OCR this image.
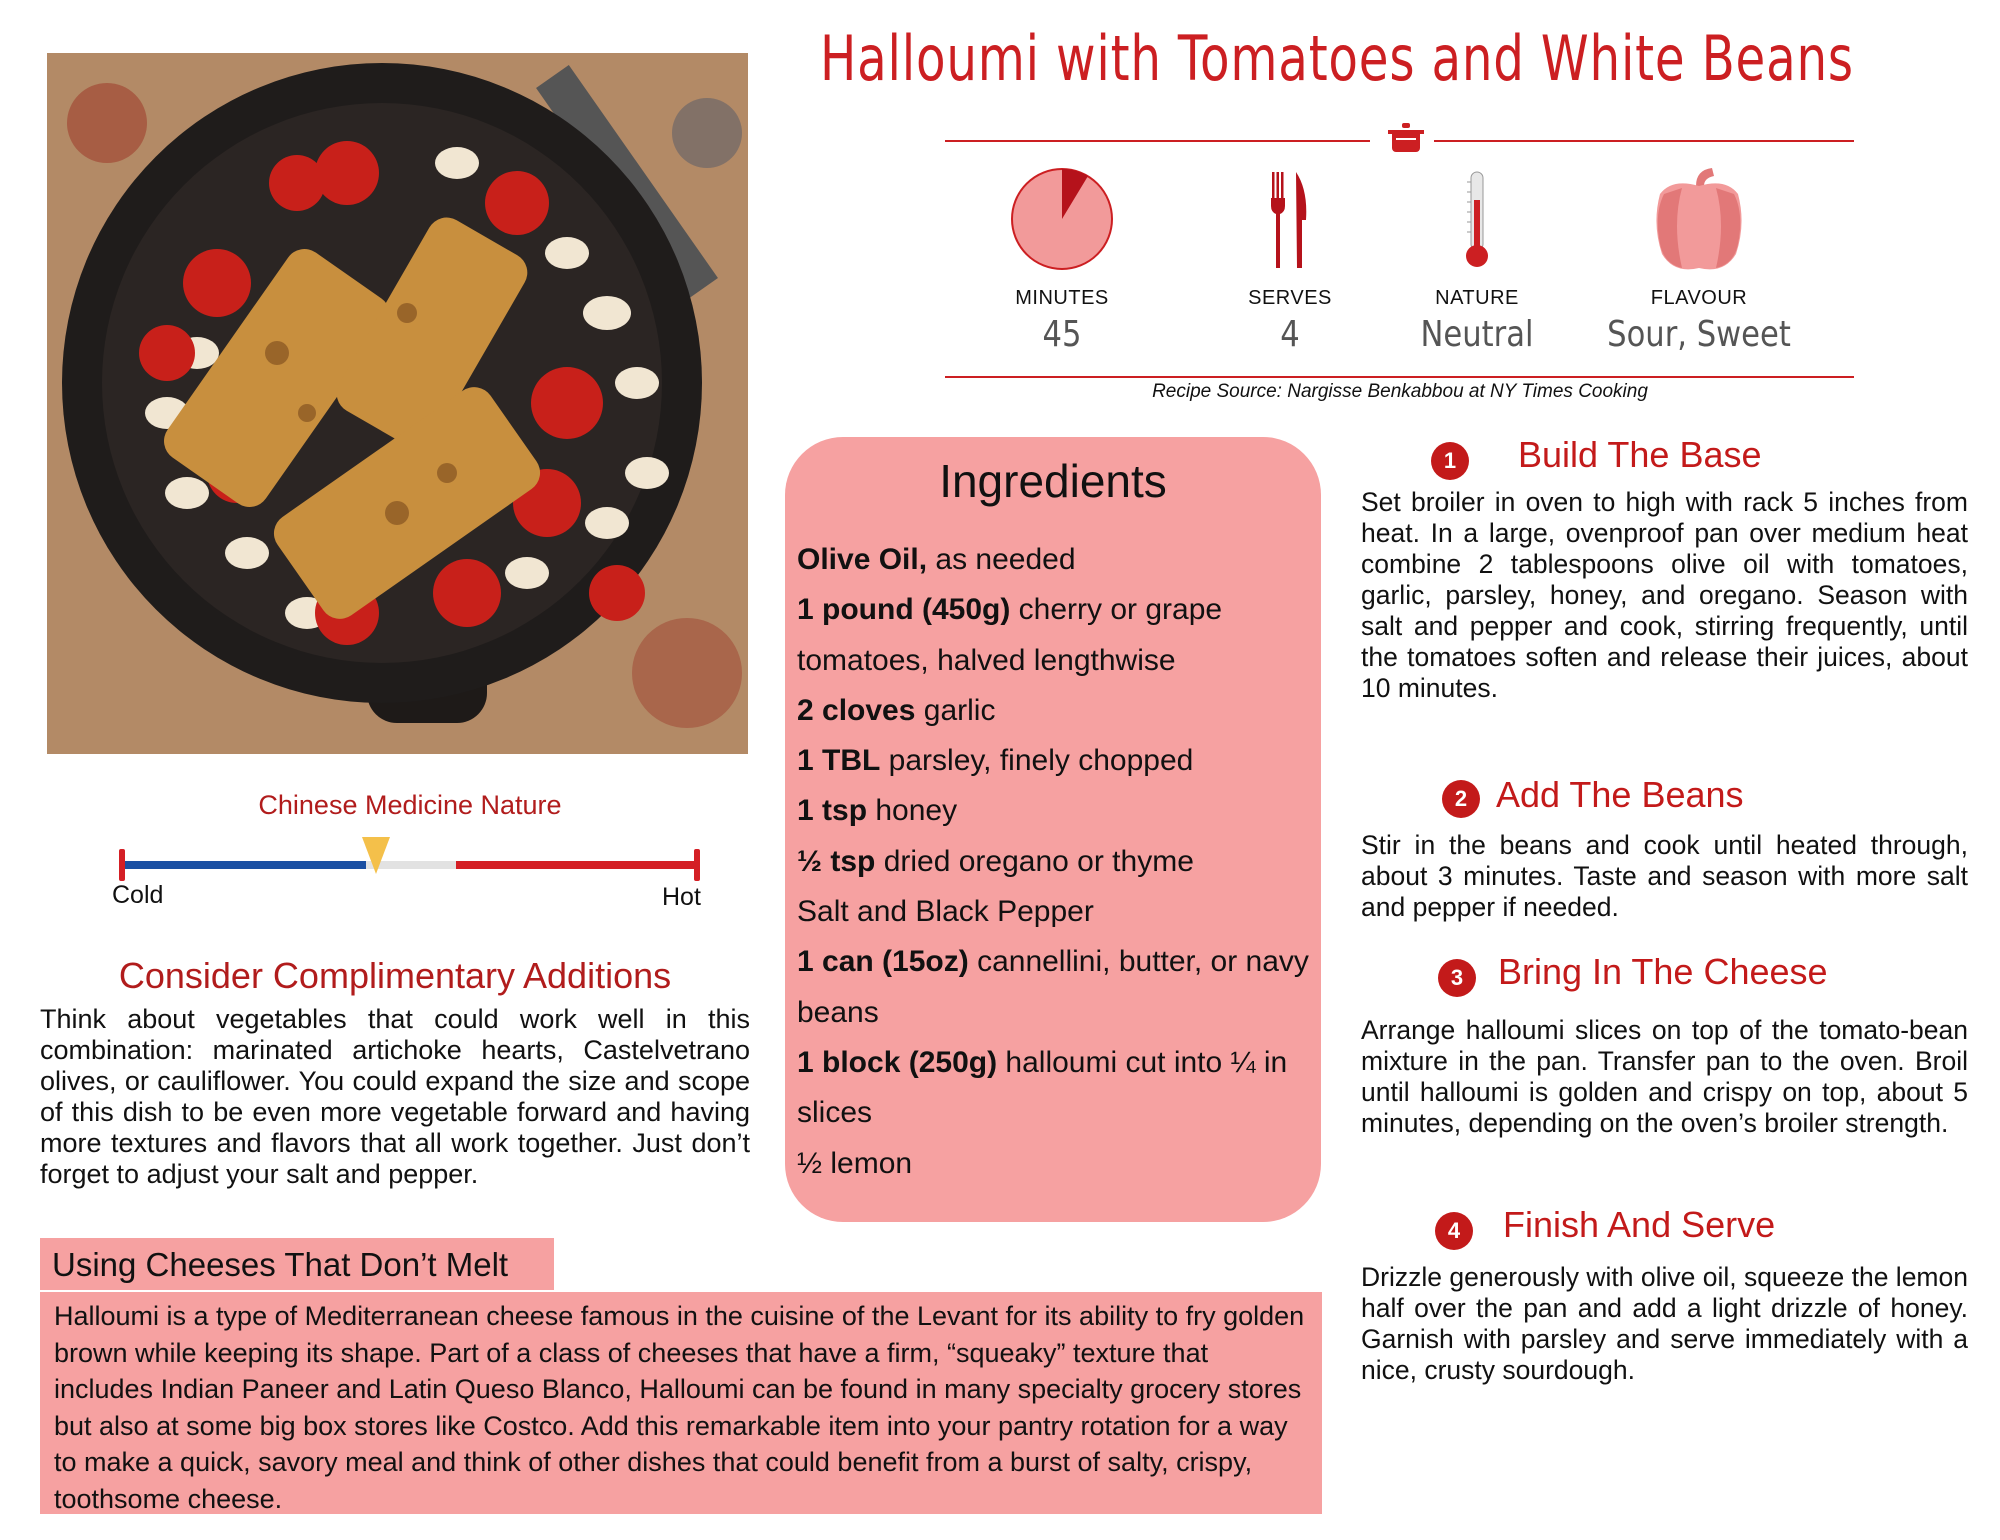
Halloumi with Tomatoes and White Beans
MINUTES
45
SERVES
4
NATURE
Neutral
FLAVOUR
Sour, Sweet
Recipe Source: Nargisse Benkabbou at NY Times Cooking
Chinese Medicine Nature
Cold	Hot
Consider Complimentary Additions
Think about vegetables that could work well in this combination: marinated artichoke hearts, Castelvetrano olives, or cauliflower. You could expand the size and scope of this dish to be even more vegetable forward and having more textures and flavors that all work together. Just don’t forget to adjust your salt and pepper.
Using Cheeses That Don’t Melt

Halloumi is a type of Mediterranean cheese famous in the cuisine of the Levant for its ability to fry golden brown while keeping its shape. Part of a class of cheeses that have a firm, “squeaky” texture that includes Indian Paneer and Latin Queso Blanco, Halloumi can be found in many specialty grocery stores but also at some big box stores like Costco. Add this remarkable item into your pantry rotation for a way to make a quick, savory meal and think of other dishes that could benefit from a burst of salty, crispy, toothsome cheese.

Ingredients
Olive Oil, as needed
1 pound (450g) cherry or grape tomatoes, halved lengthwise
2 cloves garlic
1 TBL parsley, finely chopped
1 tsp honey
½ tsp dried oregano or thyme
Salt and Black Pepper
1 can (15oz) cannellini, butter, or navy beans
1 block (250g) halloumi cut into ¼ in slices
½ lemon
1	Build The Base
Set broiler in oven to high with rack 5 inches from heat. In a large, ovenproof pan over medium heat combine 2 tablespoons olive oil with tomatoes, garlic, parsley, honey, and oregano. Season with salt and pepper and cook, stirring frequently, until the tomatoes soften and release their juices, about 10 minutes.
2 Add The Beans
Stir in the beans and cook until heated through, about 3 minutes. Taste and season with more salt and pepper if needed.
3 Bring In The Cheese
Arrange halloumi slices on top of the tomato-bean mixture in the pan. Transfer pan to the oven. Broil until halloumi is golden and crispy on top, about 5 minutes, depending on the oven’s broiler strength.
4	Finish And Serve
Drizzle generously with olive oil, squeeze the lemon half over the pan and add a light drizzle of honey. Garnish with parsley and serve immediately with a nice, crusty sourdough.
